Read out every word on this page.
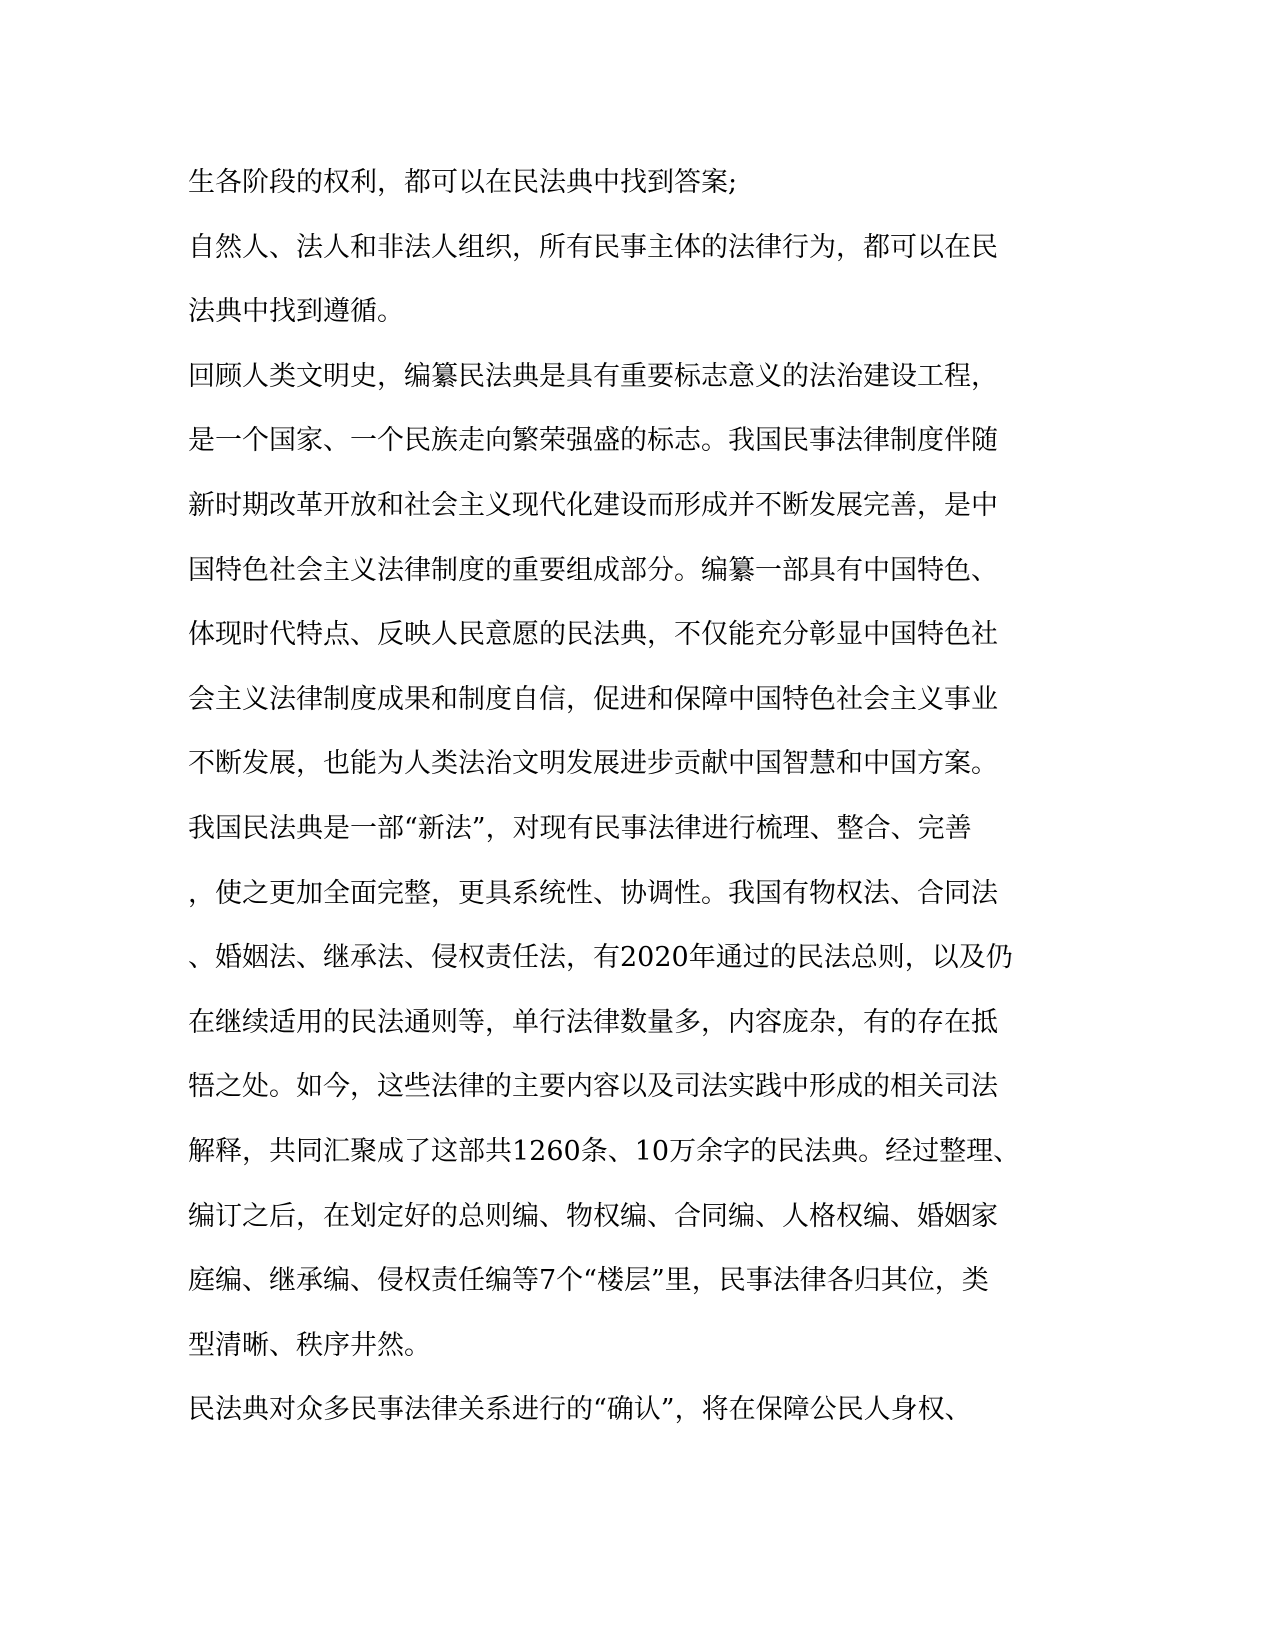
生各阶段的权利，都可以在民法典中找到答案;
自然人、法人和非法人组织，所有民事主体的法律行为，都可以在民
法典中找到遵循。
回顾人类文明史，编纂民法典是具有重要标志意义的法治建设工程，
是一个国家、一个民族走向繁荣强盛的标志。我国民事法律制度伴随
新时期改革开放和社会主义现代化建设而形成并不断发展完善，是中
国特色社会主义法律制度的重要组成部分。编纂一部具有中国特色、
体现时代特点、反映人民意愿的民法典，不仅能充分彰显中国特色社
会主义法律制度成果和制度自信，促进和保障中国特色社会主义事业
不断发展，也能为人类法治文明发展进步贡献中国智慧和中国方案。
我国民法典是一部“新法”，对现有民事法律进行梳理、整合、完善
，使之更加全面完整，更具系统性、协调性。我国有物权法、合同法
、婚姻法、继承法、侵权责任法，有2020年通过的民法总则，以及仍
在继续适用的民法通则等，单行法律数量多，内容庞杂，有的存在抵
牾之处。如今，这些法律的主要内容以及司法实践中形成的相关司法
解释，共同汇聚成了这部共1260条、10万余字的民法典。经过整理、
编订之后，在划定好的总则编、物权编、合同编、人格权编、婚姻家
庭编、继承编、侵权责任编等7个“楼层”里，民事法律各归其位，类
型清晰、秩序井然。
民法典对众多民事法律关系进行的“确认”，将在保障公民人身权、
